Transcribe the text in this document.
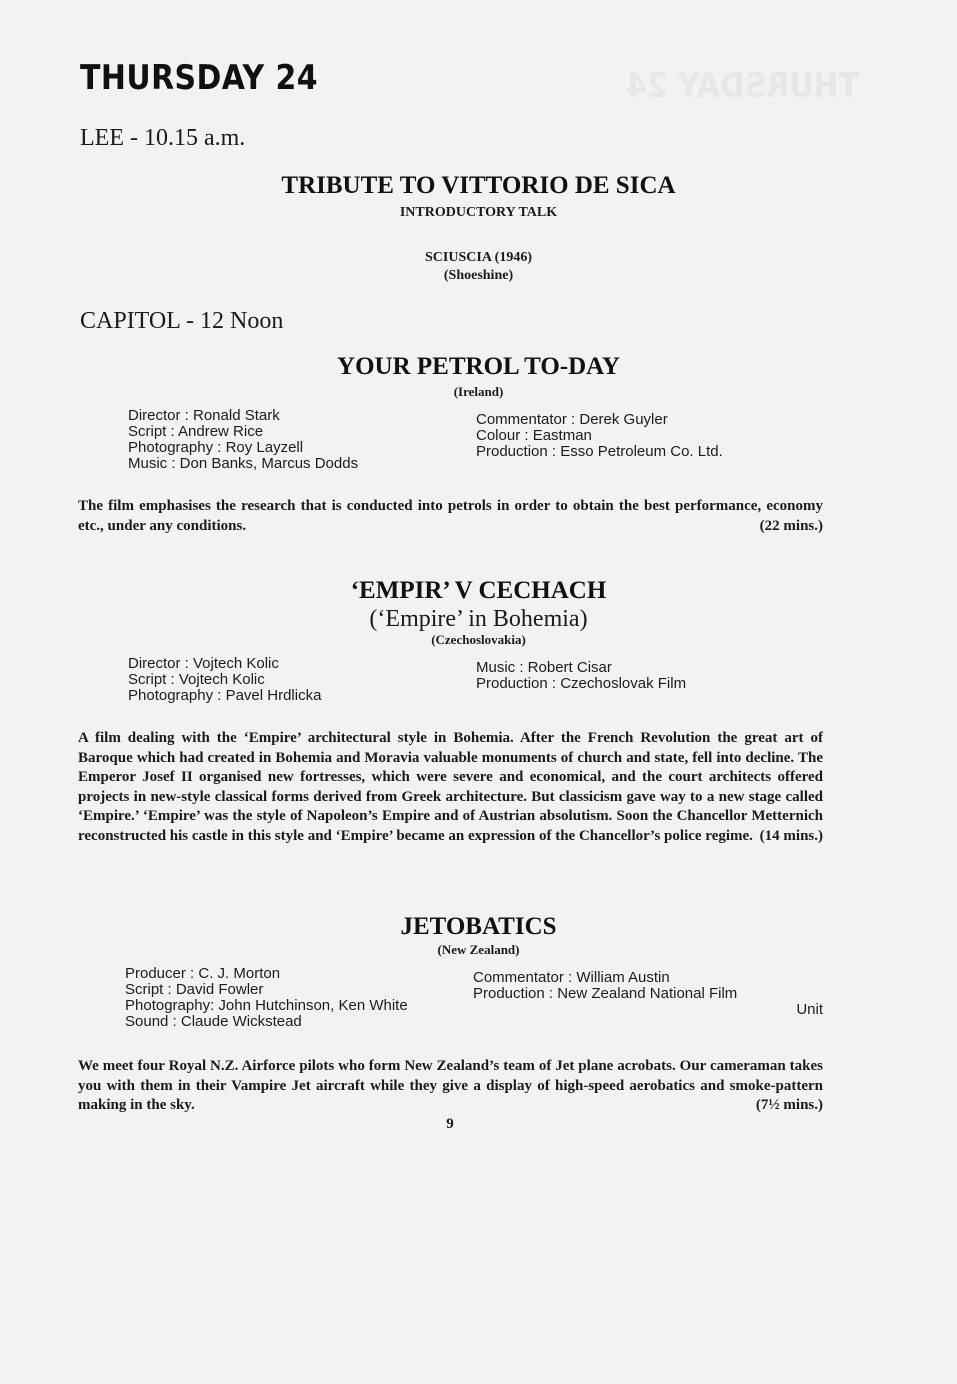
THURSDAY 24
THURSDAY 24
LEE - 10.15 a.m.
TRIBUTE TO VITTORIO DE SICA
INTRODUCTORY TALK
SCIUSCIA (1946)
(Shoeshine)
CAPITOL - 12 Noon
YOUR PETROL TO-DAY
(Ireland)
Director : Ronald Stark
Script : Andrew Rice
Photography : Roy Layzell
Music : Don Banks, Marcus Dodds
Commentator : Derek Guyler
Colour : Eastman
Production : Esso Petroleum Co. Ltd.
The film emphasises the research that is conducted into petrols in order to obtain the best performance, economy etc., under any conditions.	(22 mins.)
‘EMPIR’ V CECHACH
(‘Empire’ in Bohemia)
(Czechoslovakia)
Director : Vojtech Kolic
Script : Vojtech Kolic
Photography : Pavel Hrdlicka
Music : Robert Cisar
Production : Czechoslovak Film
A film dealing with the ‘Empire’ architectural style in Bohemia. After the French Revolution the great art of Baroque which had created in Bohemia and Moravia valuable monuments of church and state, fell into decline. The Emperor Josef II organised new fortresses, which were severe and economical, and the court architects offered projects in new-style classical forms derived from Greek architecture. But classicism gave way to a new stage called ‘Empire.’ ‘Empire’ was the style of Napoleon’s Empire and of Austrian absolutism. Soon the Chancellor Metternich reconstructed his castle in this style and ‘Empire’ became an expression of the Chancellor’s police regime. (14 mins.)
JETOBATICS
(New Zealand)
Producer : C. J. Morton
Script : David Fowler
Photography: John Hutchinson, Ken White
Sound : Claude Wickstead
Commentator : William Austin
Production : New Zealand National Film
Unit
We meet four Royal N.Z. Airforce pilots who form New Zealand’s team of Jet plane acrobats. Our cameraman takes you with them in their Vampire Jet aircraft while they give a display of high-speed aerobatics and smoke-pattern making in the sky.	(7½ mins.)
9
